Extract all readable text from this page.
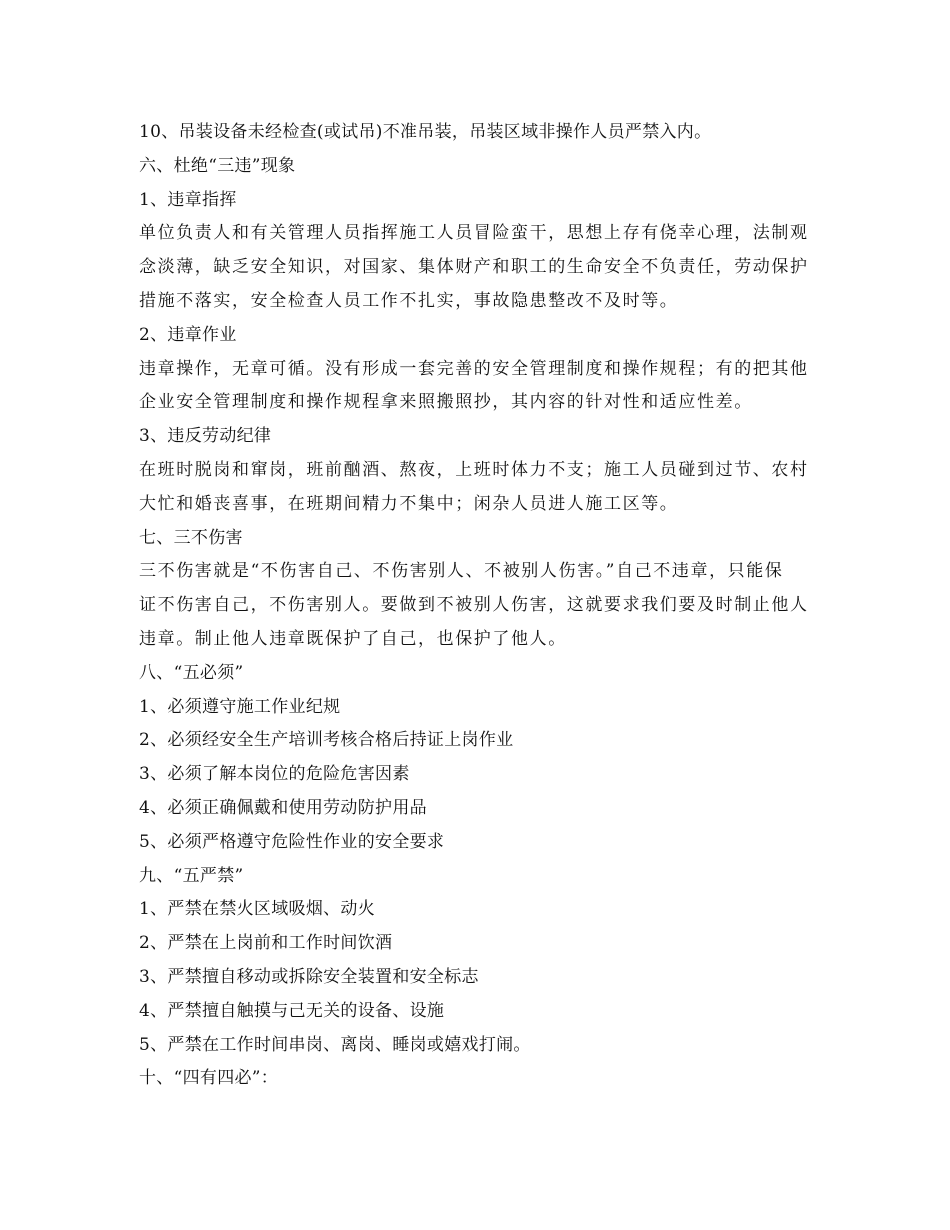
10、吊装设备未经检查(或试吊)不准吊装，吊装区域非操作人员严禁入内。
六、杜绝“三违”现象
1、违章指挥
单位负责人和有关管理人员指挥施工人员冒险蛮干，思想上存有侥幸心理，法制观
念淡薄，缺乏安全知识，对国家、集体财产和职工的生命安全不负责任，劳动保护
措施不落实，安全检查人员工作不扎实，事故隐患整改不及时等。
2、违章作业
违章操作，无章可循。没有形成一套完善的安全管理制度和操作规程；有的把其他
企业安全管理制度和操作规程拿来照搬照抄，其内容的针对性和适应性差。
3、违反劳动纪律
在班时脱岗和窜岗，班前酗酒、熬夜，上班时体力不支；施工人员碰到过节、农村
大忙和婚丧喜事，在班期间精力不集中；闲杂人员进人施工区等。
七、三不伤害
三不伤害就是“不伤害自己、不伤害别人、不被别人伤害。”自己不违章，只能保
证不伤害自己，不伤害别人。要做到不被别人伤害，这就要求我们要及时制止他人
违章。制止他人违章既保护了自己，也保护了他人。
八、“五必须”
1、必须遵守施工作业纪规
2、必须经安全生产培训考核合格后持证上岗作业
3、必须了解本岗位的危险危害因素
4、必须正确佩戴和使用劳动防护用品
5、必须严格遵守危险性作业的安全要求
九、“五严禁”
1、严禁在禁火区域吸烟、动火
2、严禁在上岗前和工作时间饮酒
3、严禁擅自移动或拆除安全装置和安全标志
4、严禁擅自触摸与己无关的设备、设施
5、严禁在工作时间串岗、离岗、睡岗或嬉戏打闹。
十、“四有四必”：
